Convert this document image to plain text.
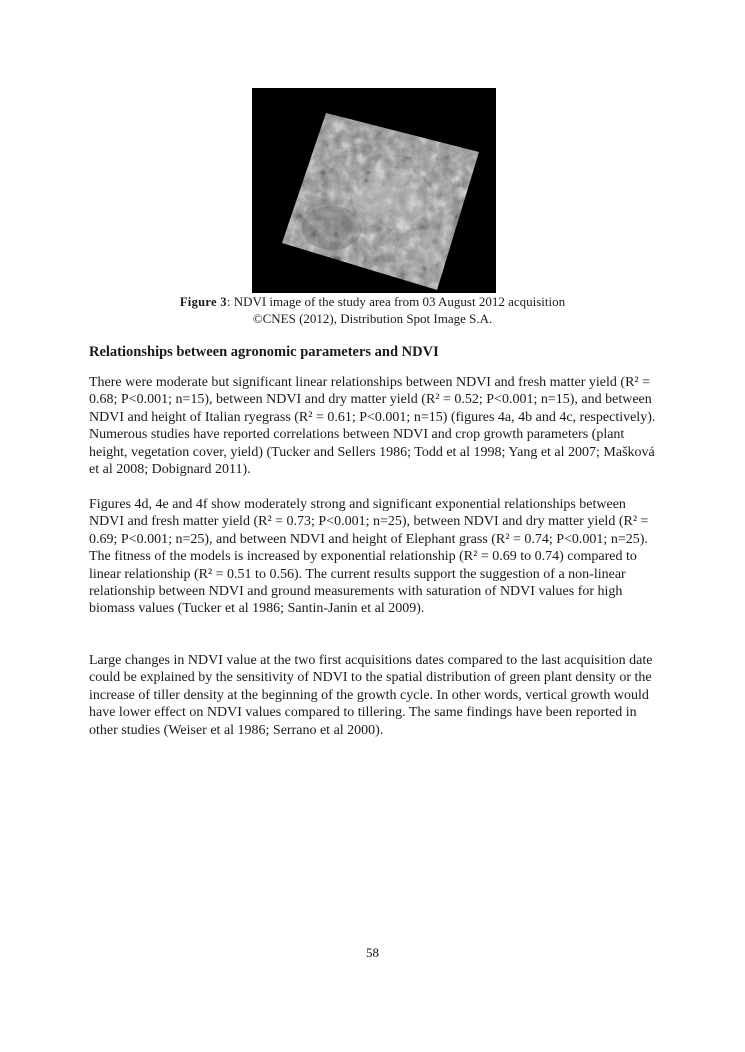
Figure 3: NDVI image of the study area from 03 August 2012 acquisition
©CNES (2012), Distribution Spot Image S.A.
Relationships between agronomic parameters and NDVI

There were moderate but significant linear relationships between NDVI and fresh matter yield (R² = 0.68; P<0.001; n=15), between NDVI and dry matter yield (R² = 0.52; P<0.001; n=15), and between NDVI and height of Italian ryegrass (R² = 0.61; P<0.001; n=15) (figures 4a, 4b and 4c, respectively). Numerous studies have reported correlations between NDVI and crop growth parameters (plant height, vegetation cover, yield) (Tucker and Sellers 1986; Todd et al 1998; Yang et al 2007; Mašková et al 2008; Dobignard 2011).

Figures 4d, 4e and 4f show moderately strong and significant exponential relationships between NDVI and fresh matter yield (R² = 0.73; P<0.001; n=25), between NDVI and dry matter yield (R² = 0.69; P<0.001; n=25), and between NDVI and height of Elephant grass (R² = 0.74; P<0.001; n=25). The fitness of the models is increased by exponential relationship (R² = 0.69 to 0.74) compared to linear relationship (R² = 0.51 to 0.56). The current results support the suggestion of a non-linear relationship between NDVI and ground measurements with saturation of NDVI values for high biomass values (Tucker et al 1986; Santin-Janin et al 2009).

Large changes in NDVI value at the two first acquisitions dates compared to the last acquisition date could be explained by the sensitivity of NDVI to the spatial distribution of green plant density or the increase of tiller density at the beginning of the growth cycle. In other words, vertical growth would have lower effect on NDVI values compared to tillering. The same findings have been reported in other studies (Weiser et al 1986; Serrano et al 2000).

58
